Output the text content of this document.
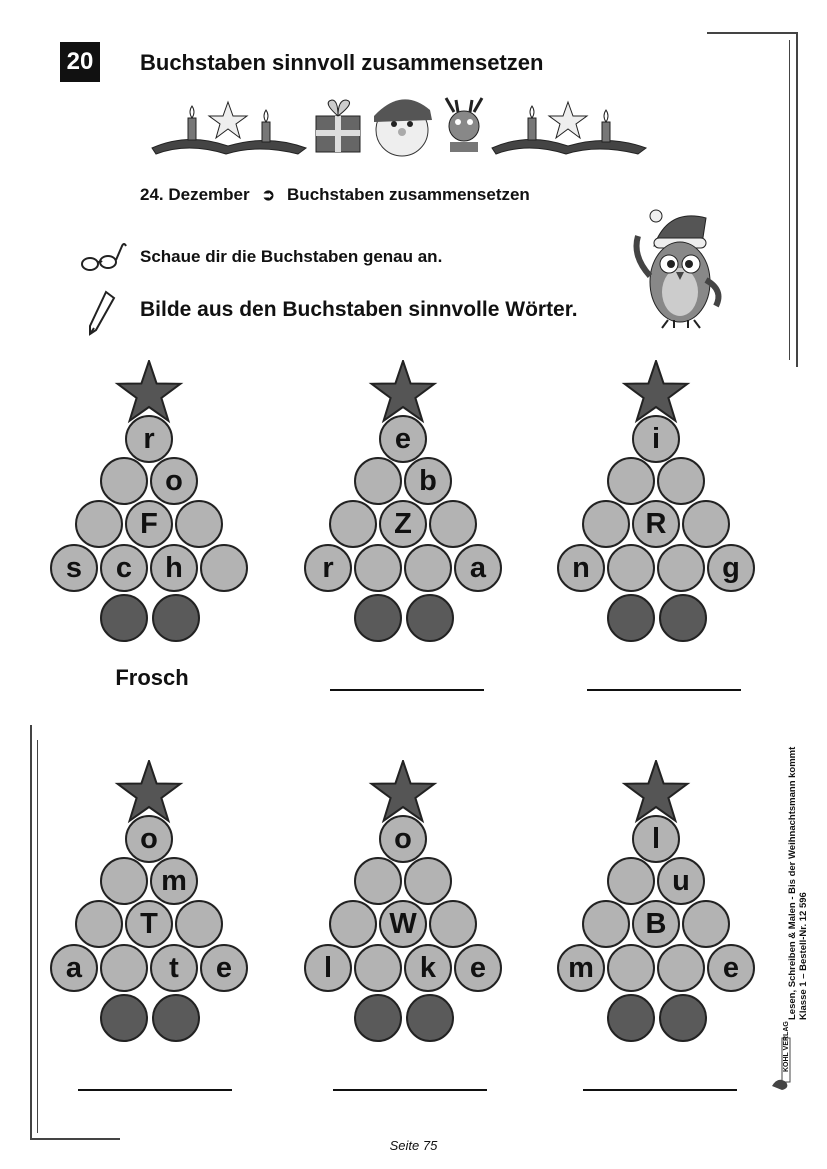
20	Buchstaben sinnvoll zusammensetzen
24. Dezember ➲ Buchstaben zusammensetzen
Schaue dir die Buchstaben genau an.
Bilde aus den Buchstaben sinnvolle Wörter.
r
o
F
s	c	h
e
b
Z
r	a
i
R
n	g
o
m
T
a	t	e
o
W
l	k	e
l
u
B
m	e
Frosch
Lesen, Schreiben & Malen - Bis der Weihnachtsmann kommt Klasse 1 – Bestell-Nr. 12 596
KOHL VERLAG
Seite 75
